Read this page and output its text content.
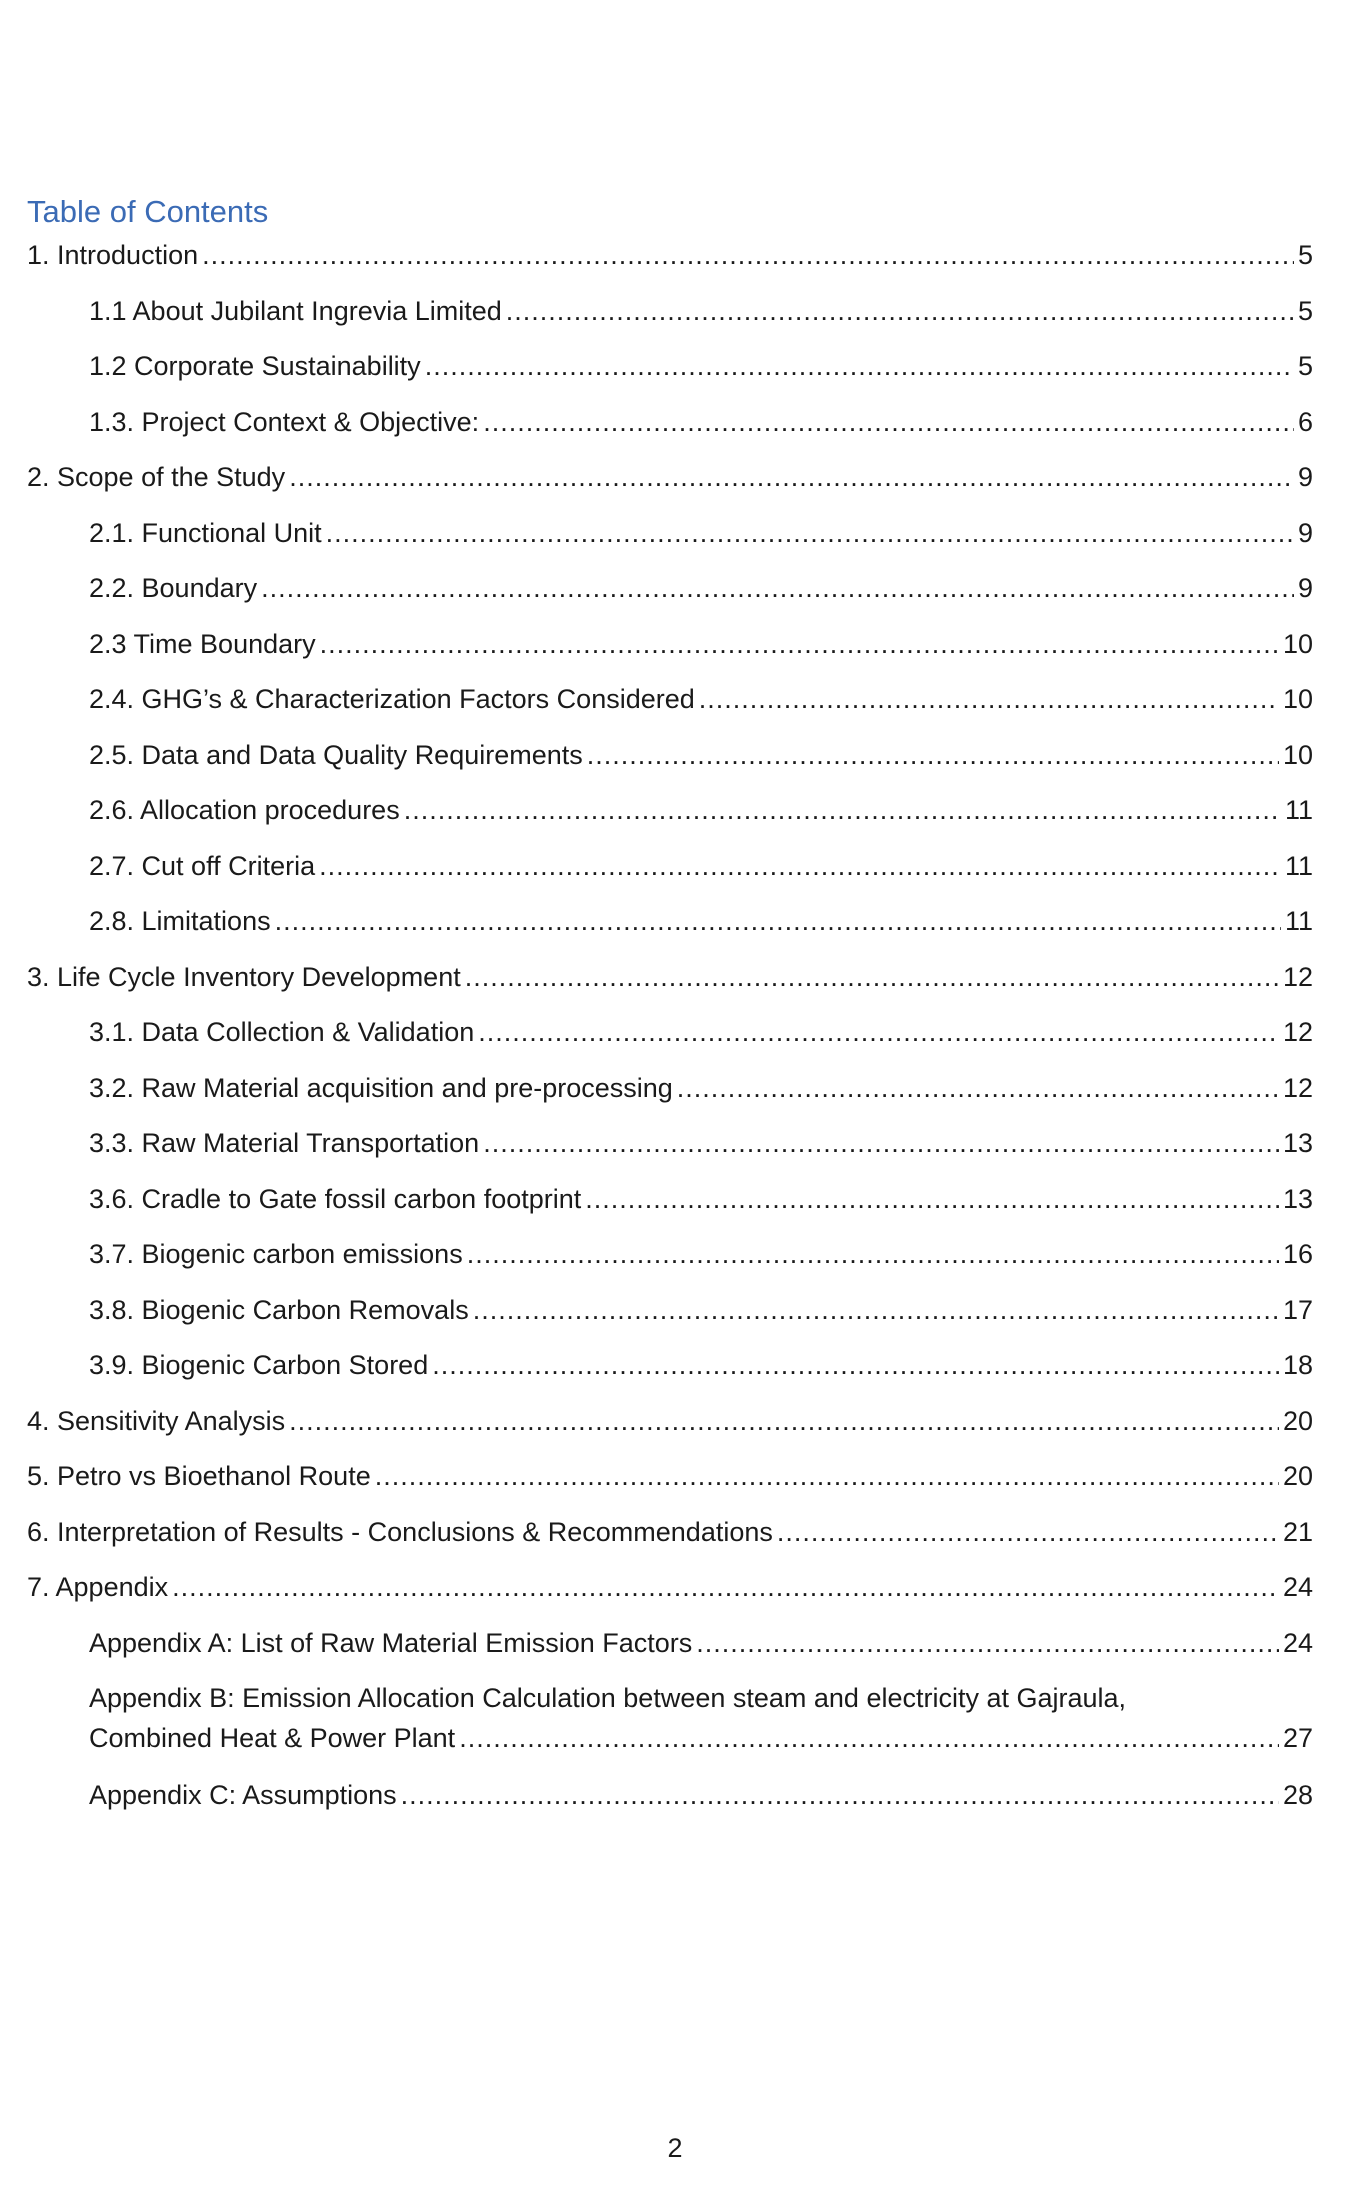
Table of Contents
1. Introduction .....	5
1.1 About Jubilant Ingrevia Limited .....	5
1.2 Corporate Sustainability .....	5
1.3. Project Context & Objective: .....	6
2. Scope of the Study .....	9
2.1. Functional Unit .....	9
2.2. Boundary .....	9
2.3 Time Boundary .....	10
2.4. GHG’s & Characterization Factors Considered .....	10
2.5. Data and Data Quality Requirements .....	10
2.6. Allocation procedures .....	11
2.7. Cut off Criteria .....	11
2.8. Limitations .....	11
3. Life Cycle Inventory Development .....	12
3.1. Data Collection & Validation .....	12
3.2. Raw Material acquisition and pre-processing .....	12
3.3. Raw Material Transportation .....	13
3.6. Cradle to Gate fossil carbon footprint .....	13
3.7. Biogenic carbon emissions .....	16
3.8. Biogenic Carbon Removals .....	17
3.9. Biogenic Carbon Stored .....	18
4. Sensitivity Analysis .....	20
5. Petro vs Bioethanol Route .....	20
6. Interpretation of Results - Conclusions & Recommendations .....	21
7. Appendix .....	24
Appendix A: List of Raw Material Emission Factors .....	24
Appendix B: Emission Allocation Calculation between steam and electricity at Gajraula,
Combined Heat & Power Plant .....	27
Appendix C: Assumptions .....	28
2
